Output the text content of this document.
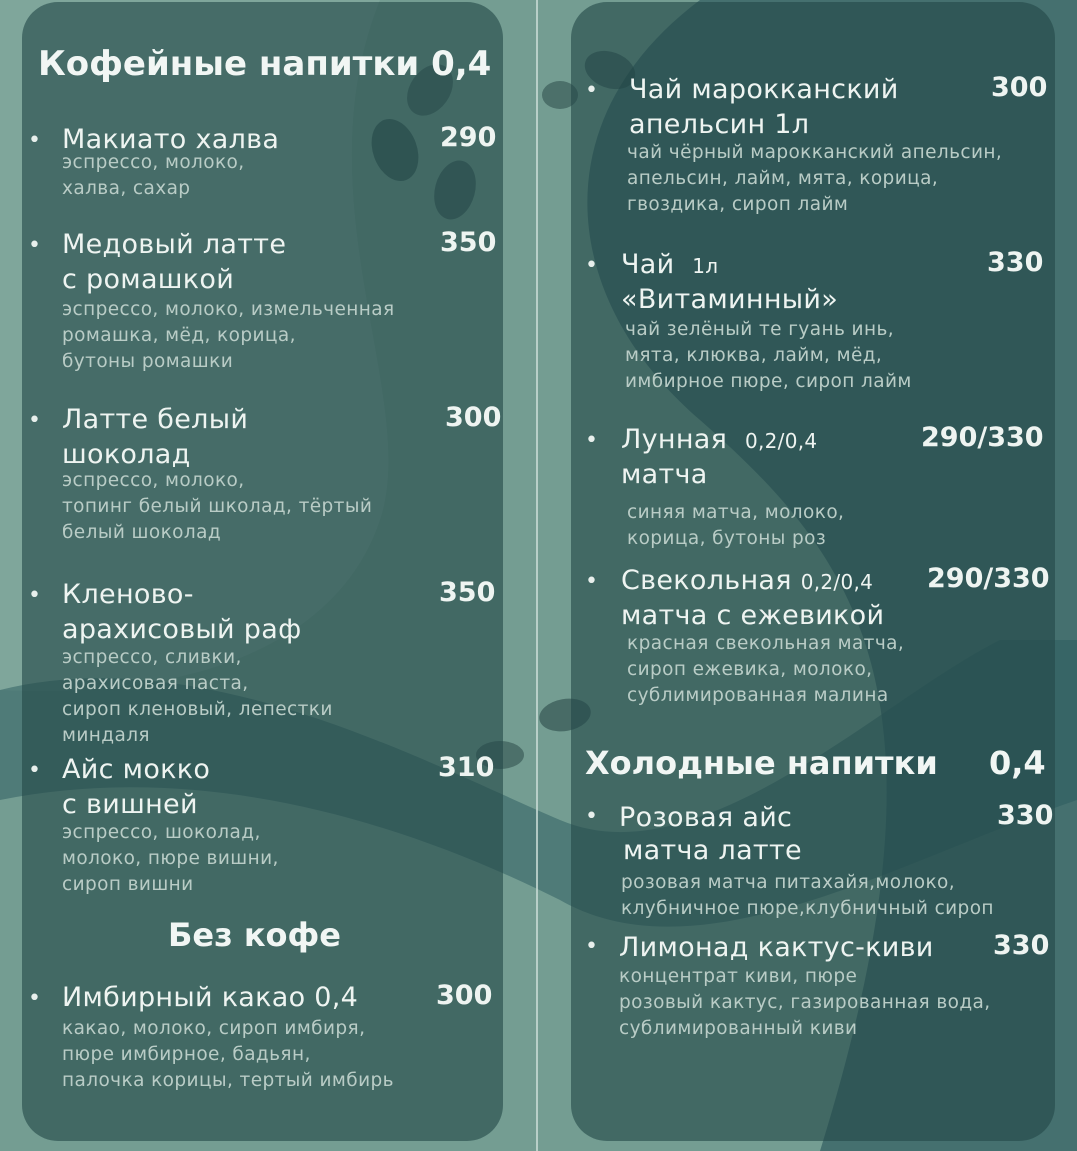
Кофейные напитки 0,4
• Макиато халва	290
эспрессо, молоко,
халва, сахар
• Медовый латте
с ромашкой
350
эспрессо, молоко, измельченная
ромашка, мёд, корица,
бутоны ромашки
• Латте белый
шоколад
300
эспрессо, молоко,
топинг белый школад, тёртый
белый шоколад
• Кленово-
арахисовый раф
350
эспрессо, сливки,
арахисовая паста,
сироп кленовый, лепестки
миндаля
• Айс мокко
с вишней
310
эспрессо, шоколад,
молоко, пюре вишни,
сироп вишни
Без кофе
• Имбирный какао 0,4	300
какао, молоко, сироп имбиря,
пюре имбирное, бадьян,
палочка корицы, тертый имбирь
• Чай марокканский
апельсин 1л
300
чай чёрный марокканский апельсин,
апельсин, лайм, мята, корица,
гвоздика, сироп лайм
• Чай 1л
«Витаминный»
330
чай зелёный те гуань инь,
мята, клюква, лайм, мёд,
имбирное пюре, сироп лайм
• Лунная 0,2/0,4
матча
290/330
синяя матча, молоко,
корица, бутоны роз
• Свекольная 0,2/0,4
матча с ежевикой
290/330
красная свекольная матча,
сироп ежевика, молоко,
сублимированная малина
Холодные напитки 0,4
• Розовая айс
матча латте
330
розовая матча питахайя,молоко,
клубничное пюре,клубничный сироп
• Лимонад кактус-киви 330
концентрат киви, пюре
розовый кактус, газированная вода,
сублимированный киви
